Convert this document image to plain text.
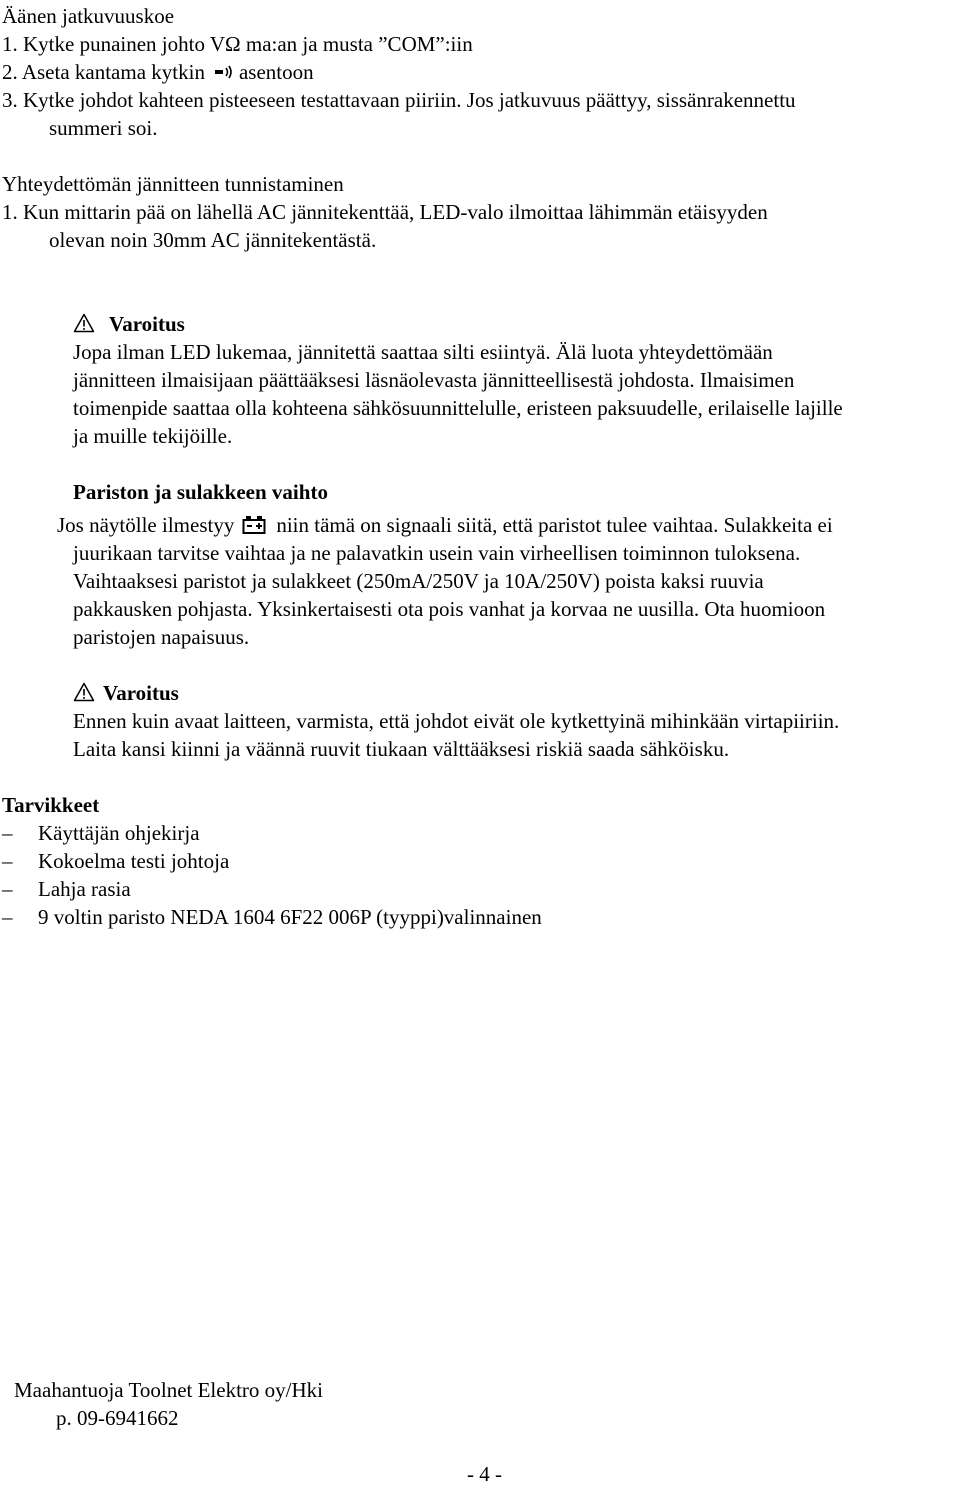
Äänen jatkuvuuskoe
1. Kytke punainen johto VΩ ma:an ja musta ”COM”:iin
2. Aseta kantama kytkin asentoon
3. Kytke johdot kahteen pisteeseen testattavaan piiriin. Jos jatkuvuus päättyy, sissänrakennettu
summeri soi.
Yhteydettömän jännitteen tunnistaminen
1. Kun mittarin pää on lähellä AC jännitekenttää, LED-valo ilmoittaa lähimmän etäisyyden
olevan noin 30mm AC jännitekentästä.
Varoitus
Jopa ilman LED lukemaa, jännitettä saattaa silti esiintyä. Älä luota yhteydettömään
jännitteen ilmaisijaan päättääksesi läsnäolevasta jännitteellisestä johdosta. Ilmaisimen
toimenpide saattaa olla kohteena sähkösuunnittelulle, eristeen paksuudelle, erilaiselle lajille
ja muille tekijöille.
Pariston ja sulakkeen vaihto
Jos näytölle ilmestyy niin tämä on signaali siitä, että paristot tulee vaihtaa. Sulakkeita ei
juurikaan tarvitse vaihtaa ja ne palavatkin usein vain virheellisen toiminnon tuloksena.
Vaihtaaksesi paristot ja sulakkeet (250mA/250V ja 10A/250V) poista kaksi ruuvia
pakkausken pohjasta. Yksinkertaisesti ota pois vanhat ja korvaa ne uusilla. Ota huomioon
paristojen napaisuus.
Varoitus
Ennen kuin avaat laitteen, varmista, että johdot eivät ole kytkettyinä mihinkään virtapiiriin.
Laita kansi kiinni ja väännä ruuvit tiukaan välttääksesi riskiä saada sähköisku.
Tarvikkeet
– Käyttäjän ohjekirja
– Kokoelma testi johtoja
– Lahja rasia
– 9 voltin paristo NEDA 1604 6F22 006P (tyyppi)valinnainen
Maahantuoja Toolnet Elektro oy/Hki
p. 09-6941662
- 4 -
